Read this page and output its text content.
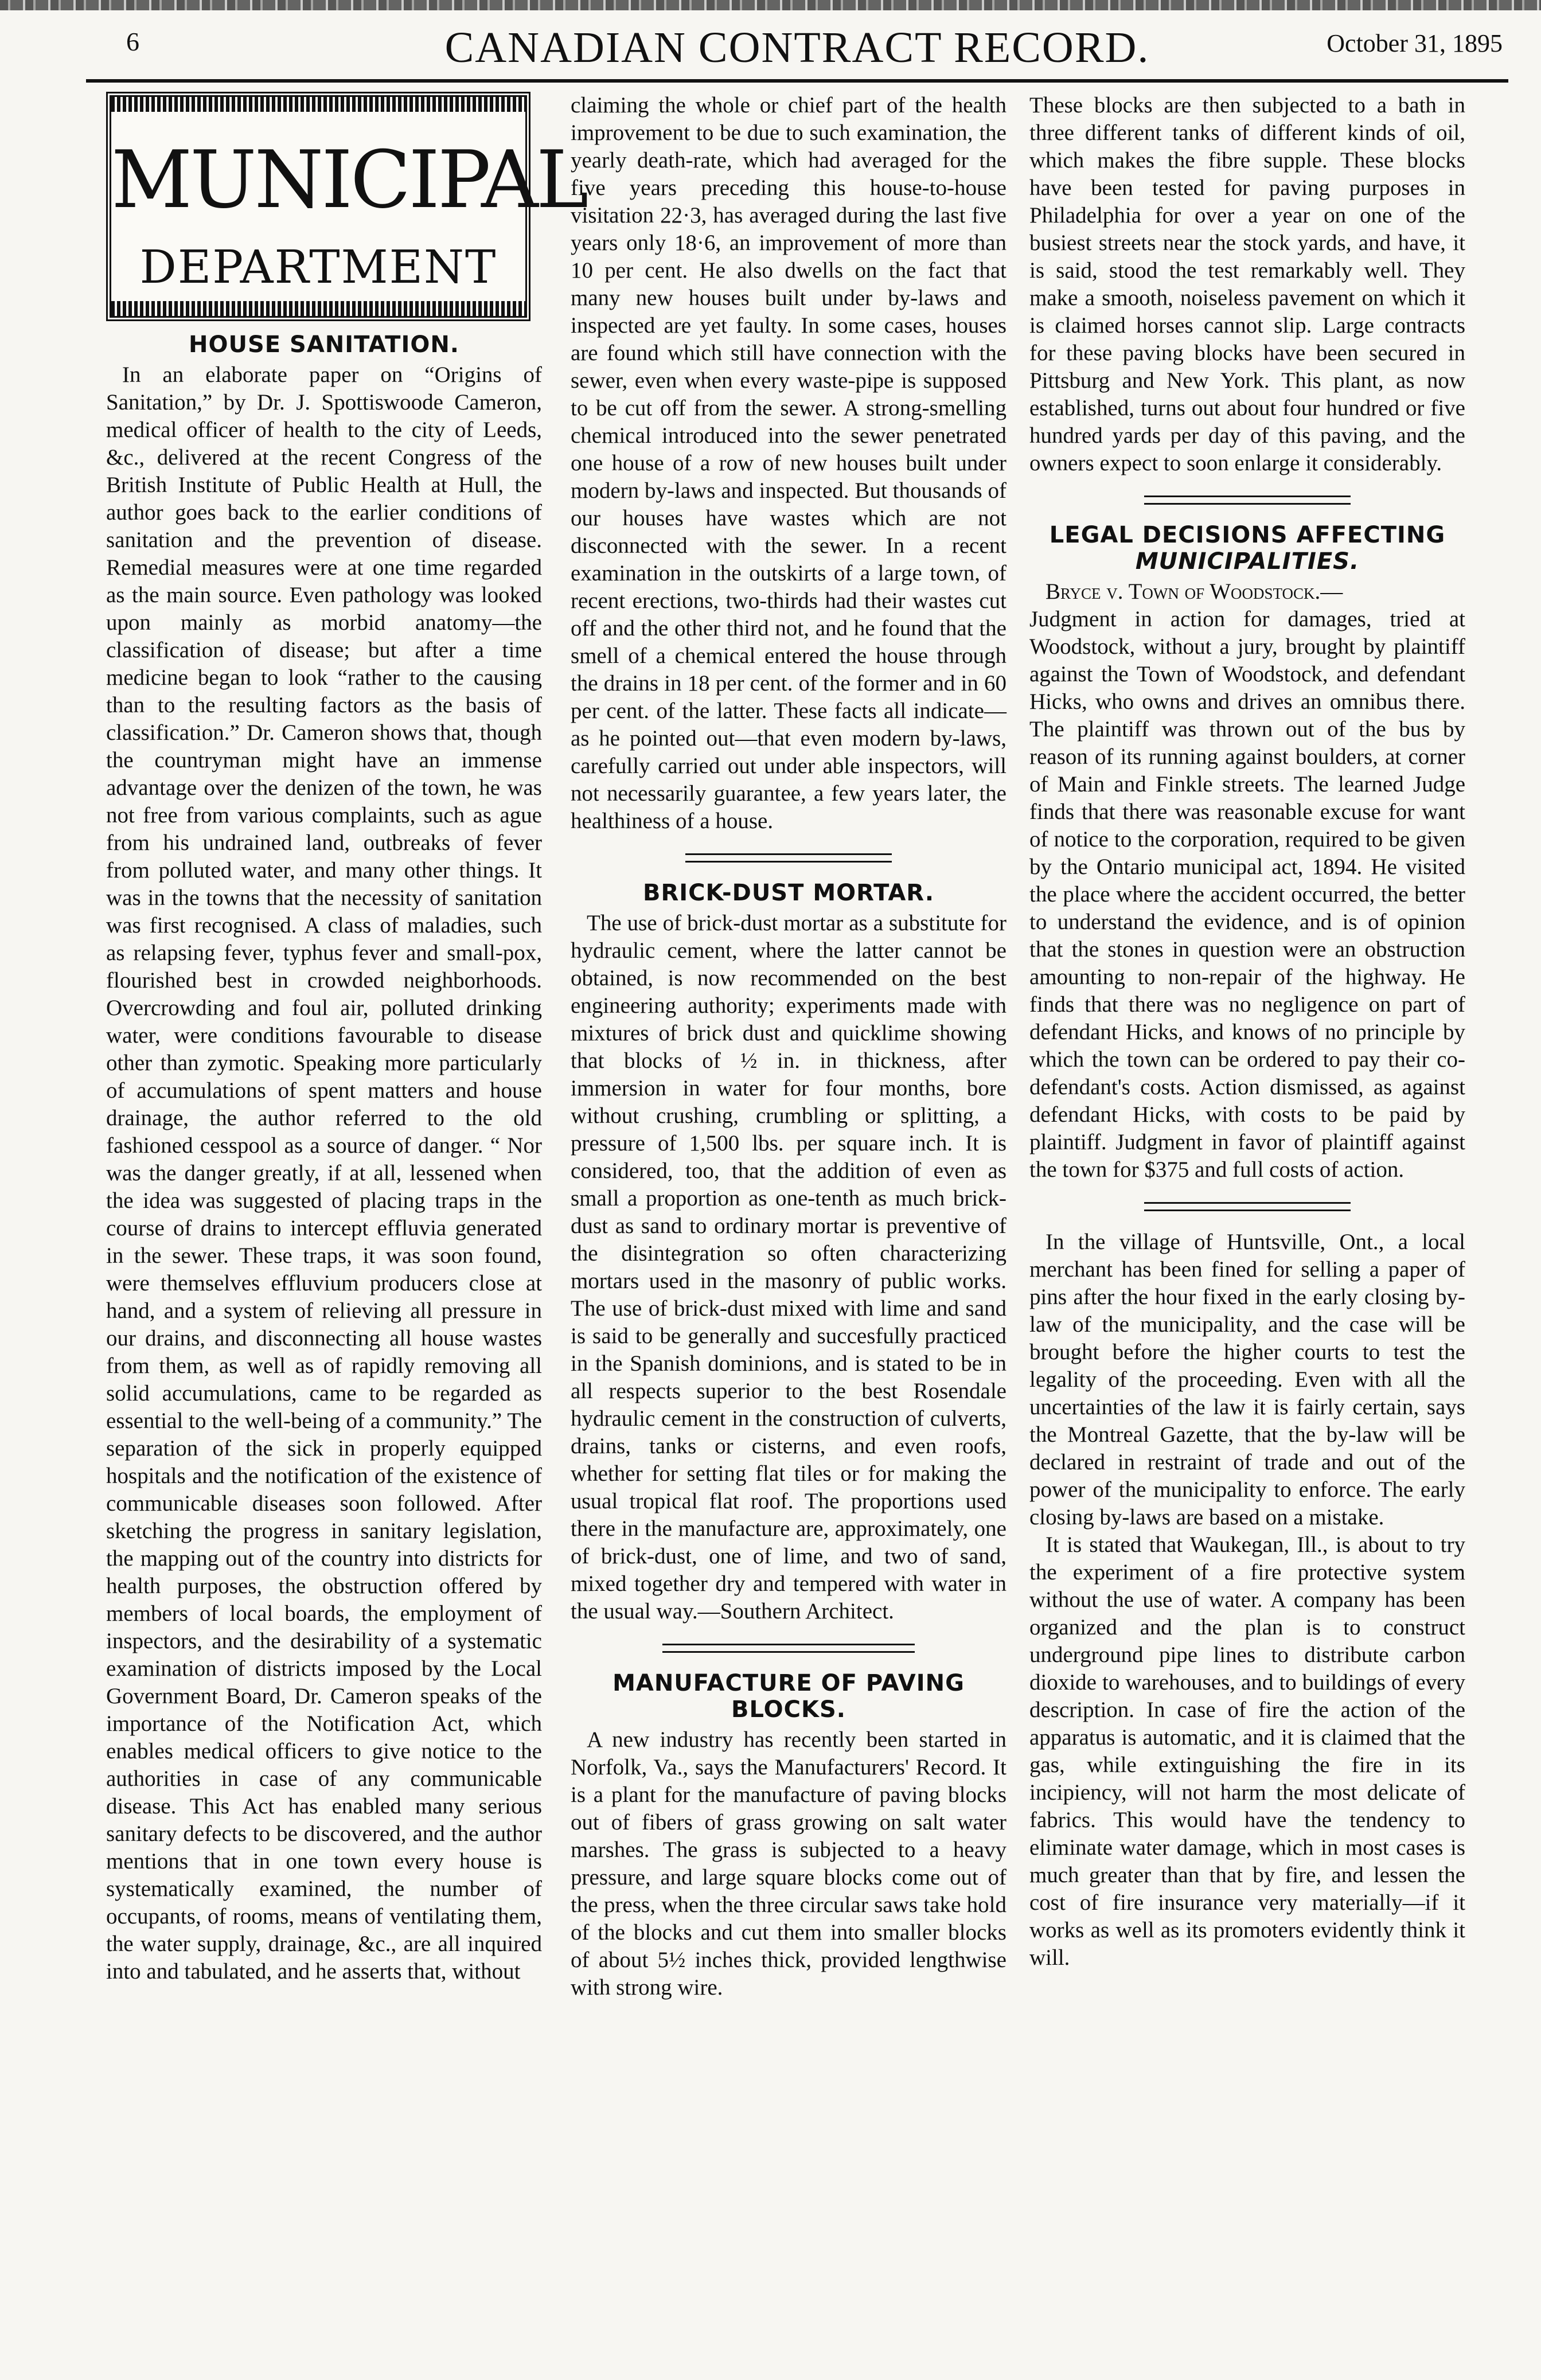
6	CANADIAN CONTRACT RECORD.	October 31, 1895
MUNICIPAL
DEPARTMENT
HOUSE SANITATION.

In an elaborate paper on “Origins of Sanitation,” by Dr. J. Spottiswoode Cameron, medical officer of health to the city of Leeds, &c., delivered at the recent Congress of the British Institute of Public Health at Hull, the author goes back to the earlier conditions of sanitation and the prevention of disease. Remedial measures were at one time regarded as the main source. Even pathology was looked upon mainly as morbid anatomy—the classification of disease; but after a time medicine began to look “rather to the causing than to the resulting factors as the basis of classification.” Dr. Cameron shows that, though the countryman might have an immense advantage over the denizen of the town, he was not free from various complaints, such as ague from his undrained land, outbreaks of fever from polluted water, and many other things. It was in the towns that the necessity of sanitation was first recognised. A class of maladies, such as relapsing fever, typhus fever and small-pox, flourished best in crowded neighborhoods. Overcrowding and foul air, polluted drinking water, were conditions favourable to disease other than zymotic. Speaking more particularly of accumulations of spent matters and house drainage, the author referred to the old fashioned cesspool as a source of danger. “ Nor was the danger greatly, if at all, lessened when the idea was suggested of placing traps in the course of drains to intercept effluvia generated in the sewer. These traps, it was soon found, were themselves effluvium producers close at hand, and a system of relieving all pressure in our drains, and disconnecting all house wastes from them, as well as of rapidly removing all solid accumulations, came to be regarded as essential to the well-being of a community.” The separation of the sick in properly equipped hospitals and the notification of the existence of communicable diseases soon followed. After sketching the progress in sanitary legislation, the mapping out of the country into districts for health purposes, the obstruction offered by members of local boards, the employment of inspectors, and the desirability of a systematic examination of districts imposed by the Local Government Board, Dr. Cameron speaks of the importance of the Notification Act, which enables medical officers to give notice to the authorities in case of any communicable disease. This Act has enabled many serious sanitary defects to be discovered, and the author mentions that in one town every house is systematically examined, the number of occupants, of rooms, means of ventilating them, the water supply, drainage, &c., are all inquired into and tabulated, and he asserts that, without

claiming the whole or chief part of the health improvement to be due to such examination, the yearly death-rate, which had averaged for the five years preceding this house-to-house visitation 22·3, has averaged during the last five years only 18·6, an improvement of more than 10 per cent. He also dwells on the fact that many new houses built under by-laws and inspected are yet faulty. In some cases, houses are found which still have connection with the sewer, even when every waste-pipe is supposed to be cut off from the sewer. A strong-smelling chemical introduced into the sewer penetrated one house of a row of new houses built under modern by-laws and inspected. But thousands of our houses have wastes which are not disconnected with the sewer. In a recent examination in the outskirts of a large town, of recent erections, two-thirds had their wastes cut off and the other third not, and he found that the smell of a chemical entered the house through the drains in 18 per cent. of the former and in 60 per cent. of the latter. These facts all indicate—as he pointed out—that even modern by-laws, carefully carried out under able inspectors, will not necessarily guarantee, a few years later, the healthiness of a house.

BRICK-DUST MORTAR.

The use of brick-dust mortar as a substitute for hydraulic cement, where the latter cannot be obtained, is now recommended on the best engineering authority; experiments made with mixtures of brick dust and quicklime showing that blocks of ½ in. in thickness, after immersion in water for four months, bore without crushing, crumbling or splitting, a pressure of 1,500 lbs. per square inch. It is considered, too, that the addition of even as small a proportion as one-tenth as much brick-dust as sand to ordinary mortar is preventive of the disintegration so often characterizing mortars used in the masonry of public works. The use of brick-dust mixed with lime and sand is said to be generally and succesfully practiced in the Spanish dominions, and is stated to be in all respects superior to the best Rosendale hydraulic cement in the construction of culverts, drains, tanks or cisterns, and even roofs, whether for setting flat tiles or for making the usual tropical flat roof. The proportions used there in the manufacture are, approximately, one of brick-dust, one of lime, and two of sand, mixed together dry and tempered with water in the usual way.—Southern Architect.

MANUFACTURE OF PAVING BLOCKS.

A new industry has recently been started in Norfolk, Va., says the Manufacturers' Record. It is a plant for the manufacture of paving blocks out of fibers of grass growing on salt water marshes. The grass is subjected to a heavy pressure, and large square blocks come out of the press, when the three circular saws take hold of the blocks and cut them into smaller blocks of about 5½ inches thick, provided lengthwise with strong wire.

These blocks are then subjected to a bath in three different tanks of different kinds of oil, which makes the fibre supple. These blocks have been tested for paving purposes in Philadelphia for over a year on one of the busiest streets near the stock yards, and have, it is said, stood the test remarkably well. They make a smooth, noiseless pavement on which it is claimed horses cannot slip. Large contracts for these paving blocks have been secured in Pittsburg and New York. This plant, as now established, turns out about four hundred or five hundred yards per day of this paving, and the owners expect to soon enlarge it considerably.

LEGAL DECISIONS AFFECTING
MUNICIPALITIES.

Bryce v. Town of Woodstock.—

Judgment in action for damages, tried at Woodstock, without a jury, brought by plaintiff against the Town of Woodstock, and defendant Hicks, who owns and drives an omnibus there. The plaintiff was thrown out of the bus by reason of its running against boulders, at corner of Main and Finkle streets. The learned Judge finds that there was reasonable excuse for want of notice to the corporation, required to be given by the Ontario municipal act, 1894. He visited the place where the accident occurred, the better to understand the evidence, and is of opinion that the stones in question were an obstruction amounting to non-repair of the highway. He finds that there was no negligence on part of defendant Hicks, and knows of no principle by which the town can be ordered to pay their co-defendant's costs. Action dismissed, as against defendant Hicks, with costs to be paid by plaintiff. Judgment in favor of plaintiff against the town for $375 and full costs of action.

In the village of Huntsville, Ont., a local merchant has been fined for selling a paper of pins after the hour fixed in the early closing by-law of the municipality, and the case will be brought before the higher courts to test the legality of the proceeding. Even with all the uncertainties of the law it is fairly certain, says the Montreal Gazette, that the by-law will be declared in restraint of trade and out of the power of the municipality to enforce. The early closing by-laws are based on a mistake.

It is stated that Waukegan, Ill., is about to try the experiment of a fire protective system without the use of water. A company has been organized and the plan is to construct underground pipe lines to distribute carbon dioxide to warehouses, and to buildings of every description. In case of fire the action of the apparatus is automatic, and it is claimed that the gas, while extinguishing the fire in its incipiency, will not harm the most delicate of fabrics. This would have the tendency to eliminate water damage, which in most cases is much greater than that by fire, and lessen the cost of fire insurance very materially—if it works as well as its promoters evidently think it will.
